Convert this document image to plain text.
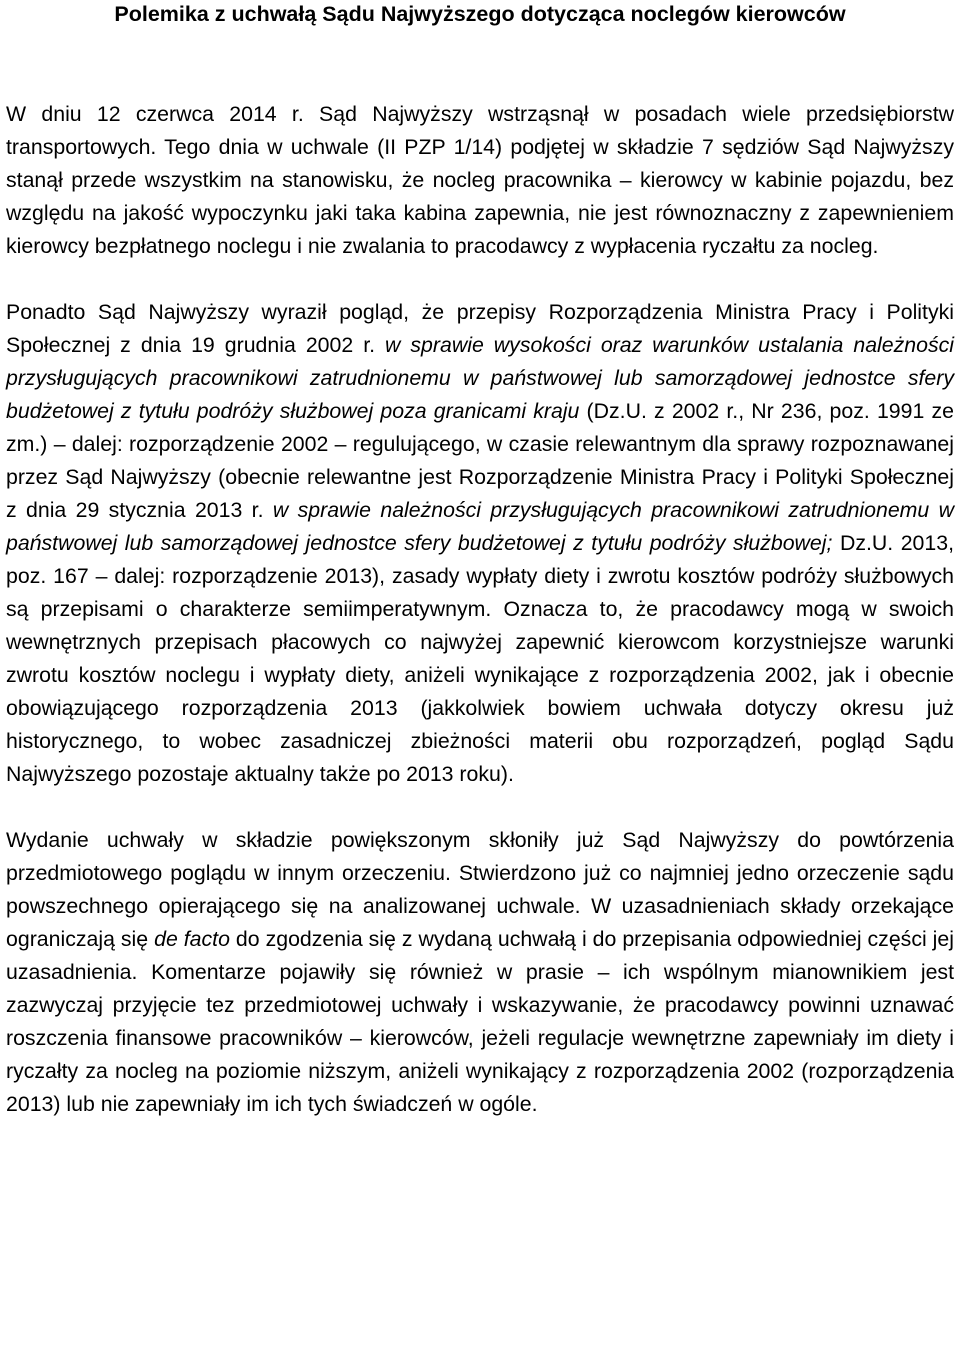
Polemika z uchwałą Sądu Najwyższego dotycząca noclegów kierowców

W dniu 12 czerwca 2014 r. Sąd Najwyższy wstrząsnął w posadach wiele przedsiębiorstw transportowych. Tego dnia w uchwale (II PZP 1/14) podjętej w składzie 7 sędziów Sąd Najwyższy stanął przede wszystkim na stanowisku, że nocleg pracownika – kierowcy w kabinie pojazdu, bez względu na jakość wypoczynku jaki taka kabina zapewnia, nie jest równoznaczny z zapewnieniem kierowcy bezpłatnego noclegu i nie zwalania to pracodawcy z wypłacenia ryczałtu za nocleg.

Ponadto Sąd Najwyższy wyraził pogląd, że przepisy Rozporządzenia Ministra Pracy i Polityki Społecznej z dnia 19 grudnia 2002 r. w sprawie wysokości oraz warunków ustalania należności przysługujących pracownikowi zatrudnionemu w państwowej lub samorządowej jednostce sfery budżetowej z tytułu podróży służbowej poza granicami kraju (Dz.U. z 2002 r., Nr 236, poz. 1991 ze zm.) – dalej: rozporządzenie 2002 – regulującego, w czasie relewantnym dla sprawy rozpoznawanej przez Sąd Najwyższy (obecnie relewantne jest Rozporządzenie Ministra Pracy i Polityki Społecznej z dnia 29 stycznia 2013 r. w sprawie należności przysługujących pracownikowi zatrudnionemu w państwowej lub samorządowej jednostce sfery budżetowej z tytułu podróży służbowej; Dz.U. 2013, poz. 167 – dalej: rozporządzenie 2013), zasady wypłaty diety i zwrotu kosztów podróży służbowych są przepisami o charakterze semiimperatywnym. Oznacza to, że pracodawcy mogą w swoich wewnętrznych przepisach płacowych co najwyżej zapewnić kierowcom korzystniejsze warunki zwrotu kosztów noclegu i wypłaty diety, aniżeli wynikające z rozporządzenia 2002, jak i obecnie obowiązującego rozporządzenia 2013 (jakkolwiek bowiem uchwała dotyczy okresu już historycznego, to wobec zasadniczej zbieżności materii obu rozporządzeń, pogląd Sądu Najwyższego pozostaje aktualny także po 2013 roku).

Wydanie uchwały w składzie powiększonym skłoniły już Sąd Najwyższy do powtórzenia przedmiotowego poglądu w innym orzeczeniu. Stwierdzono już co najmniej jedno orzeczenie sądu powszechnego opierającego się na analizowanej uchwale. W uzasadnieniach składy orzekające ograniczają się de facto do zgodzenia się z wydaną uchwałą i do przepisania odpowiedniej części jej uzasadnienia. Komentarze pojawiły się również w prasie – ich wspólnym mianownikiem jest zazwyczaj przyjęcie tez przedmiotowej uchwały i wskazywanie, że pracodawcy powinni uznawać roszczenia finansowe pracowników – kierowców, jeżeli regulacje wewnętrzne zapewniały im diety i ryczałty za nocleg na poziomie niższym, aniżeli wynikający z rozporządzenia 2002 (rozporządzenia 2013) lub nie zapewniały im ich tych świadczeń w ogóle.
